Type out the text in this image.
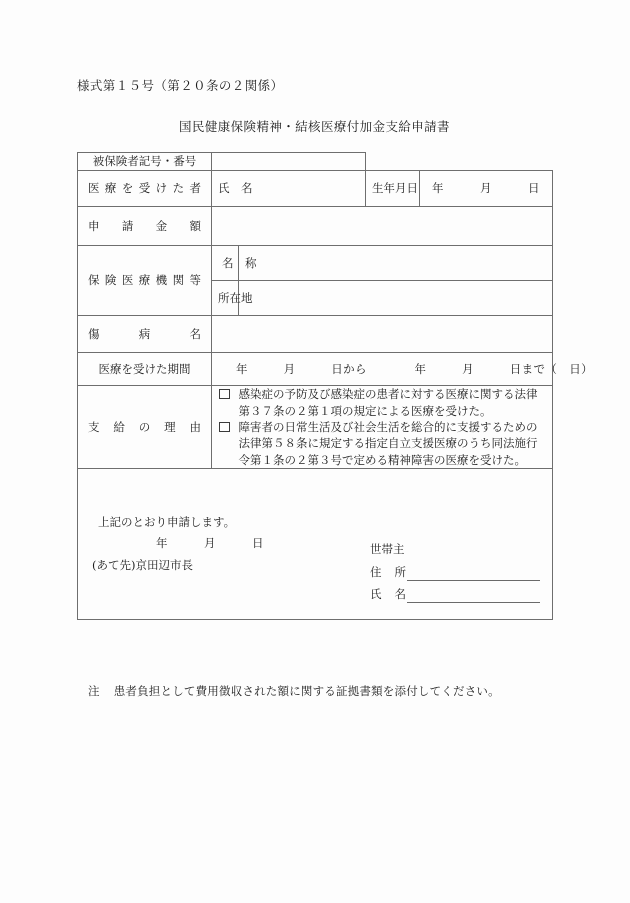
様式第１５号（第２０条の２関係）
国民健康保険精神・結核医療付加金支給申請書
被保険者記号・番号				

医 療 を 受 け た 者	氏　名		生年月日	年　　　月　　　日

申　請　金　額				

保険医療機関等	名　称			

	所在地			

傷　病　名				

医療を受けた期間	年　　　月　　　日から　　　　年　　　月　　　日まで（　日）			

支　給　の　理　由	感染症の予防及び感染症の患者に対する医療に関する法律第３７条の２第１項の規定による医療を受けた。
障害者の日常生活及び社会生活を総合的に支援するための法律第５８条に規定する指定自立支援医療のうち同法施行令第１条の２第３号で定める精神障害の医療を受けた。			

上記のとおり申請します。
年　　　月　　　日
(あて先)京田辺市長
世帯主
住　所
氏　名
注 患者負担として費用徴収された額に関する証拠書類を添付してください。
